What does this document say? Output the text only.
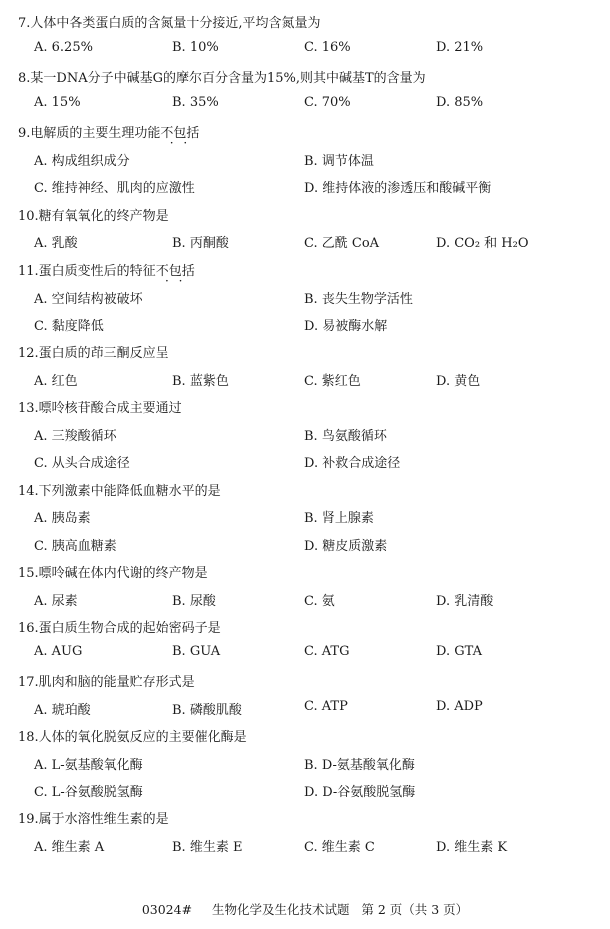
7.人体中各类蛋白质的含氮量十分接近,平均含氮量为
A. 6.25%	B. 10%	C. 16%	D. 21%
8.某一DNA分子中碱基G的摩尔百分含量为15%,则其中碱基T的含量为
A. 15%	B. 35%	C. 70%	D. 85%
9.电解质的主要生理功能不包括 · ·
A. 构成组织成分	B. 调节体温
C. 维持神经、肌肉的应激性	D. 维持体液的渗透压和酸碱平衡
10.糖有氧氧化的终产物是
A. 乳酸	B. 丙酮酸	C. 乙酰 CoA	D. CO₂ 和 H₂O
11.蛋白质变性后的特征不包括 · ·
A. 空间结构被破坏	B. 丧失生物学活性
C. 黏度降低	D. 易被酶水解
12.蛋白质的茚三酮反应呈
A. 红色	B. 蓝紫色	C. 紫红色	D. 黄色
13.嘌呤核苷酸合成主要通过
A. 三羧酸循环	B. 鸟氨酸循环
C. 从头合成途径	D. 补救合成途径
14.下列激素中能降低血糖水平的是
A. 胰岛素	B. 肾上腺素
C. 胰高血糖素	D. 糖皮质激素
15.嘌呤碱在体内代谢的终产物是
A. 尿素	B. 尿酸	C. 氨	D. 乳清酸
16.蛋白质生物合成的起始密码子是
A. AUG	B. GUA	C. ATG	D. GTA
17.肌肉和脑的能量贮存形式是
A. 琥珀酸	B. 磷酸肌酸	C. ATP	D. ADP
18.人体的氧化脱氨反应的主要催化酶是
A. L-氨基酸氧化酶	B. D-氨基酸氧化酶
C. L-谷氨酸脱氢酶	D. D-谷氨酸脱氢酶
19.属于水溶性维生素的是
A. 维生素 A	B. 维生素 E	C. 维生素 C	D. 维生素 K
03024# 生物化学及生化技术试题 第 2 页（共 3 页）
